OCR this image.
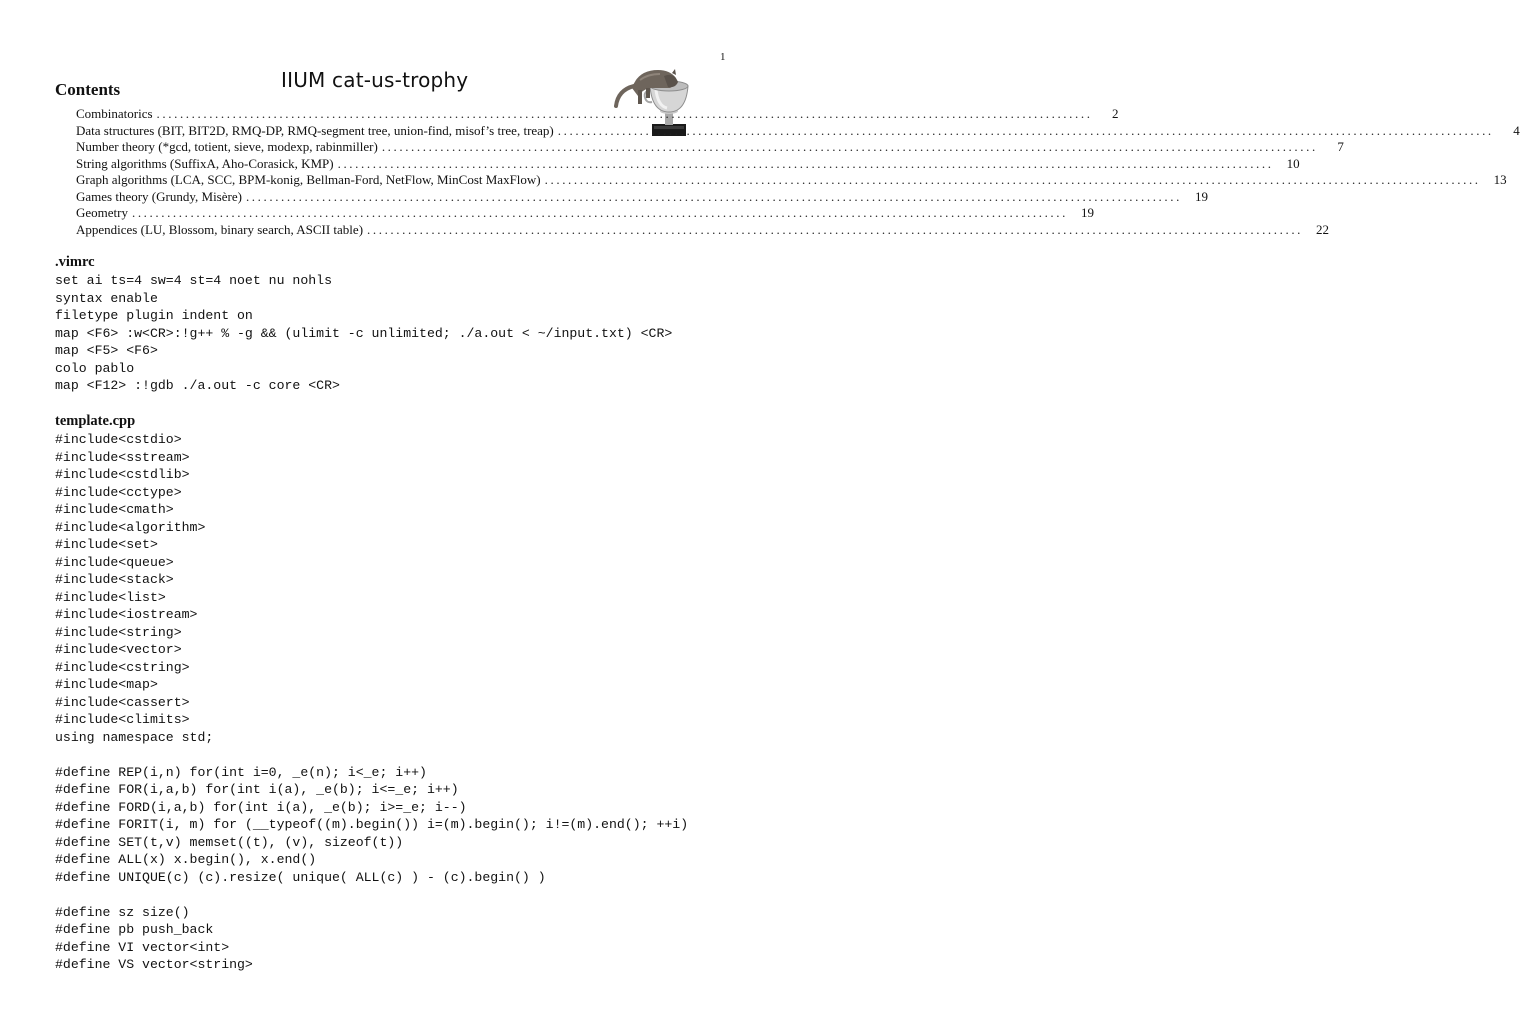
1
IIUM cat-us-trophy
Contents
Combinatorics ................................................................................................................................................................	2
Data structures (BIT, BIT2D, RMQ-DP, RMQ-segment tree, union-find, misof’s tree, treap) ................................................................................................................................................................	4
Number theory (*gcd, totient, sieve, modexp, rabinmiller) ................................................................................................................................................................	7
String algorithms (SuffixA, Aho-Corasick, KMP) ................................................................................................................................................................	10
Graph algorithms (LCA, SCC, BPM-konig, Bellman-Ford, NetFlow, MinCost MaxFlow) ................................................................................................................................................................	13
Games theory (Grundy, Misère) ................................................................................................................................................................	19
Geometry ................................................................................................................................................................	19
Appendices (LU, Blossom, binary search, ASCII table) ................................................................................................................................................................	22
.vimrc
set ai ts=4 sw=4 st=4 noet nu nohls
syntax enable
filetype plugin indent on
map <F6> :w<CR>:!g++ % -g && (ulimit -c unlimited; ./a.out < ~/input.txt) <CR>
map <F5> <F6>
colo pablo
map <F12> :!gdb ./a.out -c core <CR>
template.cpp
#include<cstdio>
#include<sstream>
#include<cstdlib>
#include<cctype>
#include<cmath>
#include<algorithm>
#include<set>
#include<queue>
#include<stack>
#include<list>
#include<iostream>
#include<string>
#include<vector>
#include<cstring>
#include<map>
#include<cassert>
#include<climits>
using namespace std;
#define REP(i,n) for(int i=0, _e(n); i<_e; i++)
#define FOR(i,a,b) for(int i(a), _e(b); i<=_e; i++)
#define FORD(i,a,b) for(int i(a), _e(b); i>=_e; i--)
#define FORIT(i, m) for (__typeof((m).begin()) i=(m).begin(); i!=(m).end(); ++i)
#define SET(t,v) memset((t), (v), sizeof(t))
#define ALL(x) x.begin(), x.end()
#define UNIQUE(c) (c).resize( unique( ALL(c) ) - (c).begin() )
#define sz size()
#define pb push_back
#define VI vector<int>
#define VS vector<string>
